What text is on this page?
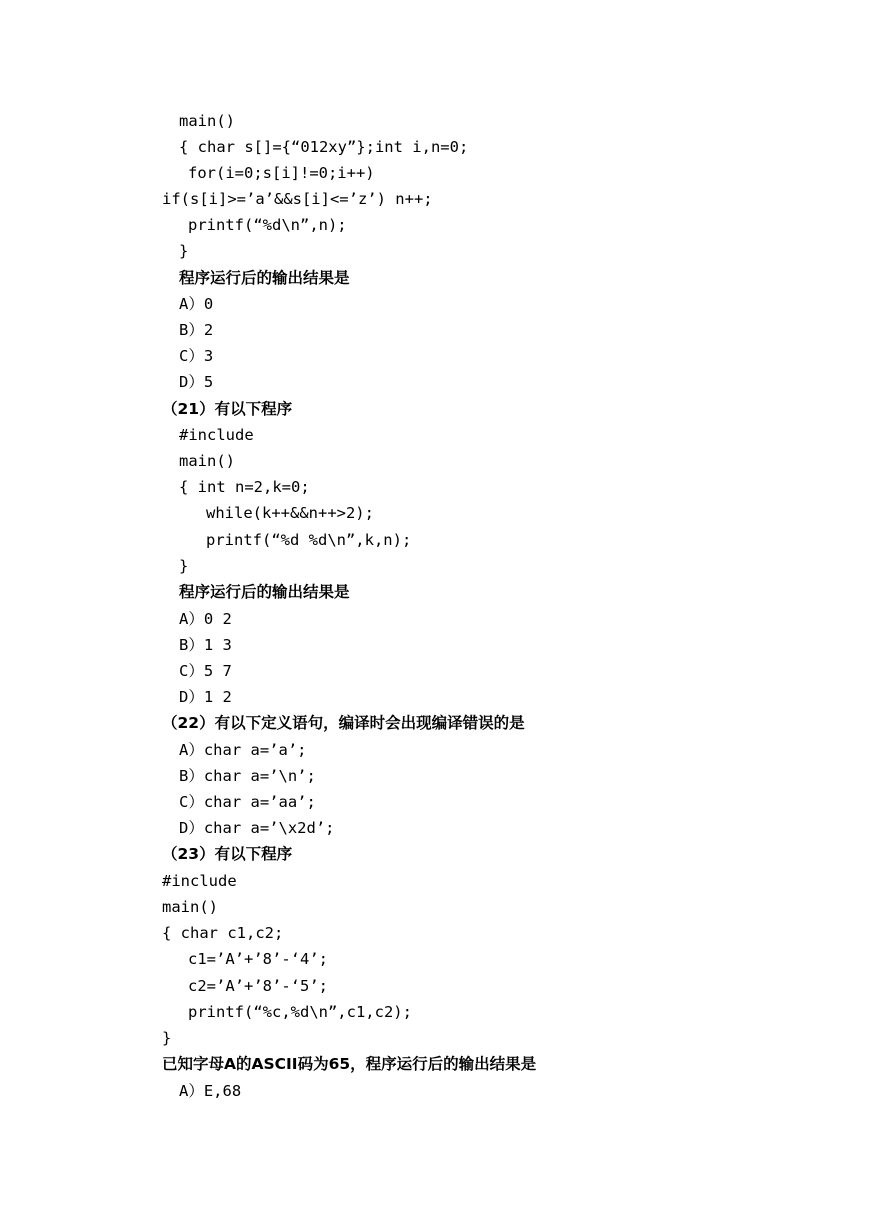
main()
{ char s[]={“012xy”};int i,n=0;
for(i=0;s[i]!=0;i++)
if(s[i]>=’a’&&s[i]<=’z’) n++;
printf(“%d\n”,n);
}
程序运行后的输出结果是
A）0
B）2
C）3
D）5
（21）有以下程序
#include
main()
{ int n=2,k=0;
while(k++&&n++>2);
printf(“%d %d\n”,k,n);
}
程序运行后的输出结果是
A）0 2
B）1 3
C）5 7
D）1 2
（22）有以下定义语句，编译时会出现编译错误的是
A）char a=’a’;
B）char a=’\n’;
C）char a=’aa’;
D）char a=’\x2d’;
（23）有以下程序
#include
main()
{ char c1,c2;
c1=’A’+’8’-‘4’;
c2=’A’+’8’-‘5’;
printf(“%c,%d\n”,c1,c2);
}
已知字母A的ASCII码为65，程序运行后的输出结果是
A）E,68
